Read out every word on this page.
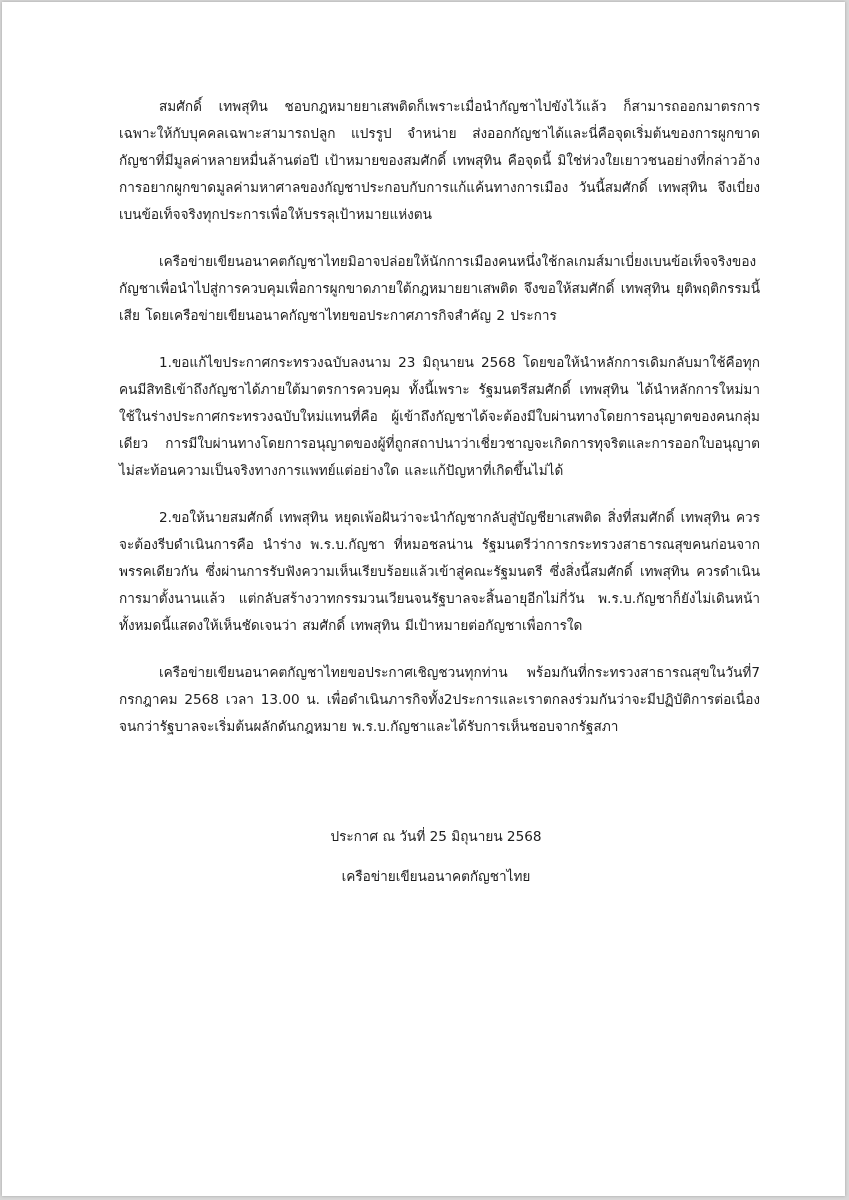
สมศักดิ์ เทพสุทิน ชอบกฎหมายยาเสพติดก็เพราะเมื่อนำกัญชาไปขังไว้แล้ว ก็สามารถออกมาตรการเฉพาะให้กับบุคคลเฉพาะสามารถปลูก แปรรูป จำหน่าย ส่งออกกัญชาได้และนี่คือจุดเริ่มต้นของการผูกขาดกัญชาที่มีมูลค่าหลายหมื่นล้านต่อปี เป้าหมายของสมศักดิ์ เทพสุทิน คือจุดนี้ มิใช่ห่วงใยเยาวชนอย่างที่กล่าวอ้าง การอยากผูกขาดมูลค่ามหาศาลของกัญชาประกอบกับการแก้แค้นทางการเมือง วันนี้สมศักดิ์ เทพสุทิน จึงเบี่ยงเบนข้อเท็จจริงทุกประการเพื่อให้บรรลุเป้าหมายแห่งตน

เครือข่ายเขียนอนาคตกัญชาไทยมิอาจปล่อยให้นักการเมืองคนหนึ่งใช้กลเกมส์มาเบี่ยงเบนข้อเท็จจริงของกัญชาเพื่อนำไปสู่การควบคุมเพื่อการผูกขาดภายใต้กฎหมายยาเสพติด จึงขอให้สมศักดิ์ เทพสุทิน ยุติพฤติกรรมนี้เสีย โดยเครือข่ายเขียนอนาคกัญชาไทยขอประกาศภารกิจสำคัญ 2 ประการ

1.ขอแก้ไขประกาศกระทรวงฉบับลงนาม 23 มิถุนายน 2568 โดยขอให้นำหลักการเดิมกลับมาใช้คือทุกคนมีสิทธิเข้าถึงกัญชาได้ภายใต้มาตรการควบคุม ทั้งนี้เพราะ รัฐมนตรีสมศักดิ์ เทพสุทิน ได้นำหลักการใหม่มาใช้ในร่างประกาศกระทรวงฉบับใหม่แทนที่คือ ผู้เข้าถึงกัญชาได้จะต้องมีใบผ่านทางโดยการอนุญาตของคนกลุ่มเดียว การมีใบผ่านทางโดยการอนุญาตของผู้ที่ถูกสถาปนาว่าเชี่ยวชาญจะเกิดการทุจริตและการออกใบอนุญาตไม่สะท้อนความเป็นจริงทางการแพทย์แต่อย่างใด และแก้ปัญหาที่เกิดขึ้นไม่ได้

2.ขอให้นายสมศักดิ์ เทพสุทิน หยุดเพ้อฝันว่าจะนำกัญชากลับสู่บัญชียาเสพติด สิ่งที่สมศักดิ์ เทพสุทิน ควรจะต้องรีบดำเนินการคือ นำร่าง พ.ร.บ.กัญชา ที่หมอชลน่าน รัฐมนตรีว่าการกระทรวงสาธารณสุขคนก่อนจากพรรคเดียวกัน ซึ่งผ่านการรับฟังความเห็นเรียบร้อยแล้วเข้าสู่คณะรัฐมนตรี ซึ่งสิ่งนี้สมศักดิ์ เทพสุทิน ควรดำเนินการมาตั้งนานแล้ว แต่กลับสร้างวาทกรรมวนเวียนจนรัฐบาลจะสิ้นอายุอีกไม่กี่วัน พ.ร.บ.กัญชาก็ยังไม่เดินหน้า ทั้งหมดนี้แสดงให้เห็นชัดเจนว่า สมศักดิ์ เทพสุทิน มีเป้าหมายต่อกัญชาเพื่อการใด

เครือข่ายเขียนอนาคตกัญชาไทยขอประกาศเชิญชวนทุกท่าน พร้อมกันที่กระทรวงสาธารณสุขในวันที่7 กรกฎาคม 2568 เวลา 13.00 น. เพื่อดำเนินภารกิจทั้ง2ประการและเราตกลงร่วมกันว่าจะมีปฏิบัติการต่อเนื่องจนกว่ารัฐบาลจะเริ่มต้นผลักดันกฎหมาย พ.ร.บ.กัญชาและได้รับการเห็นชอบจากรัฐสภา

ประกาศ ณ วันที่ 25 มิถุนายน 2568
เครือข่ายเขียนอนาคตกัญชาไทย
